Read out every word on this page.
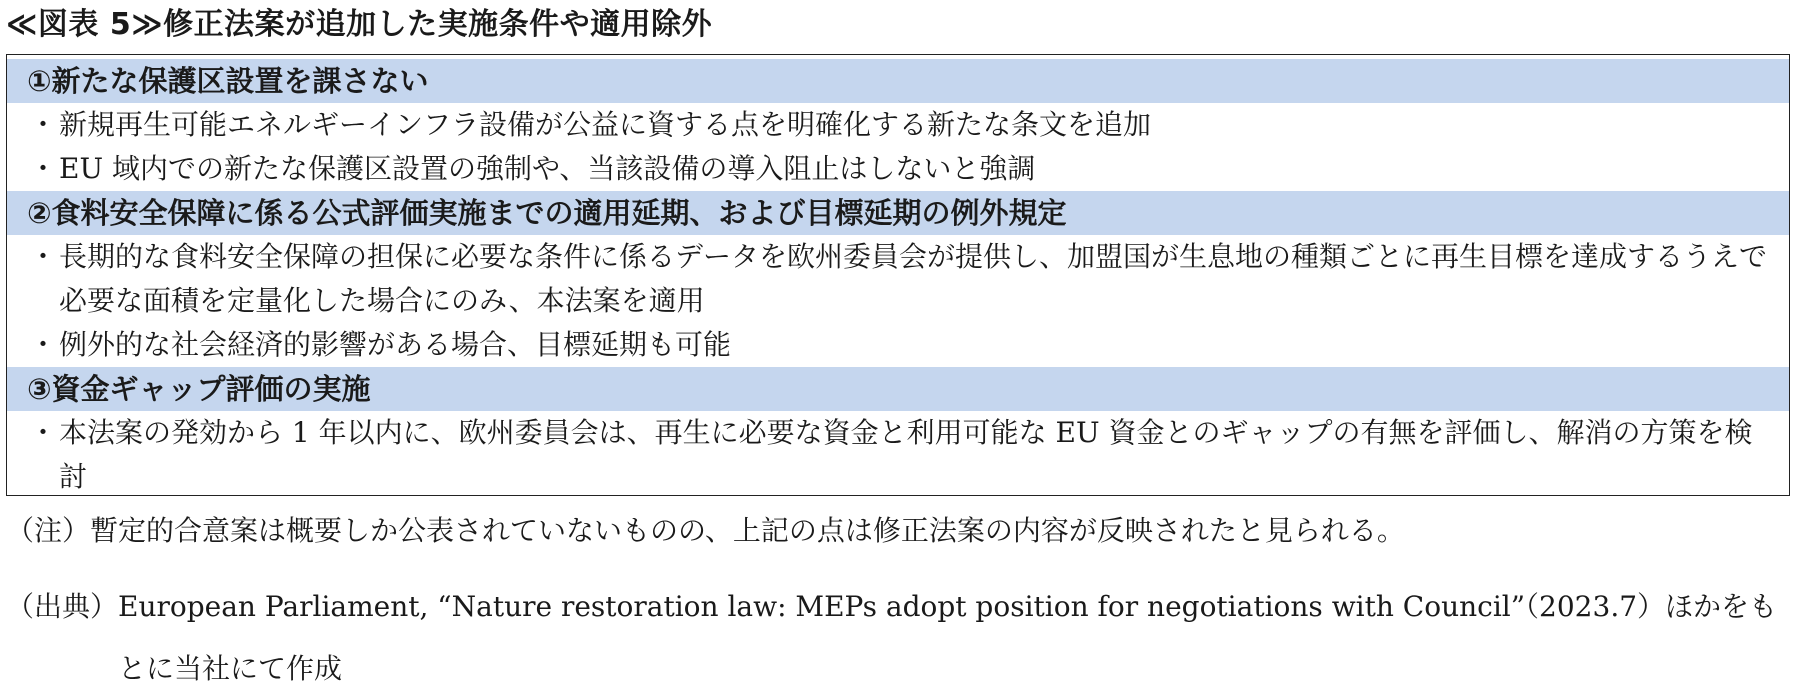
≪図表 5≫修正法案が追加した実施条件や適用除外
①新たな保護区設置を課さない
・ 新規再生可能エネルギーインフラ設備が公益に資する点を明確化する新たな条文を追加
・ EU 域内での新たな保護区設置の強制や、当該設備の導入阻止はしないと強調
②食料安全保障に係る公式評価実施までの適用延期、および目標延期の例外規定
・ 長期的な食料安全保障の担保に必要な条件に係るデータを欧州委員会が提供し、加盟国が生息地の種類ごとに再生目標を達成するうえで必要な面積を定量化した場合にのみ、本法案を適用
・ 例外的な社会経済的影響がある場合、目標延期も可能
③資金ギャップ評価の実施
・ 本法案の発効から 1 年以内に、欧州委員会は、再生に必要な資金と利用可能な EU 資金とのギャップの有無を評価し、解消の方策を検討
（注）暫定的合意案は概要しか公表されていないものの、上記の点は修正法案の内容が反映されたと見られる。
（出典） European Parliament, “Nature restoration law: MEPs adopt position for negotiations with Council”（2023.7）ほかをもとに当社にて作成
